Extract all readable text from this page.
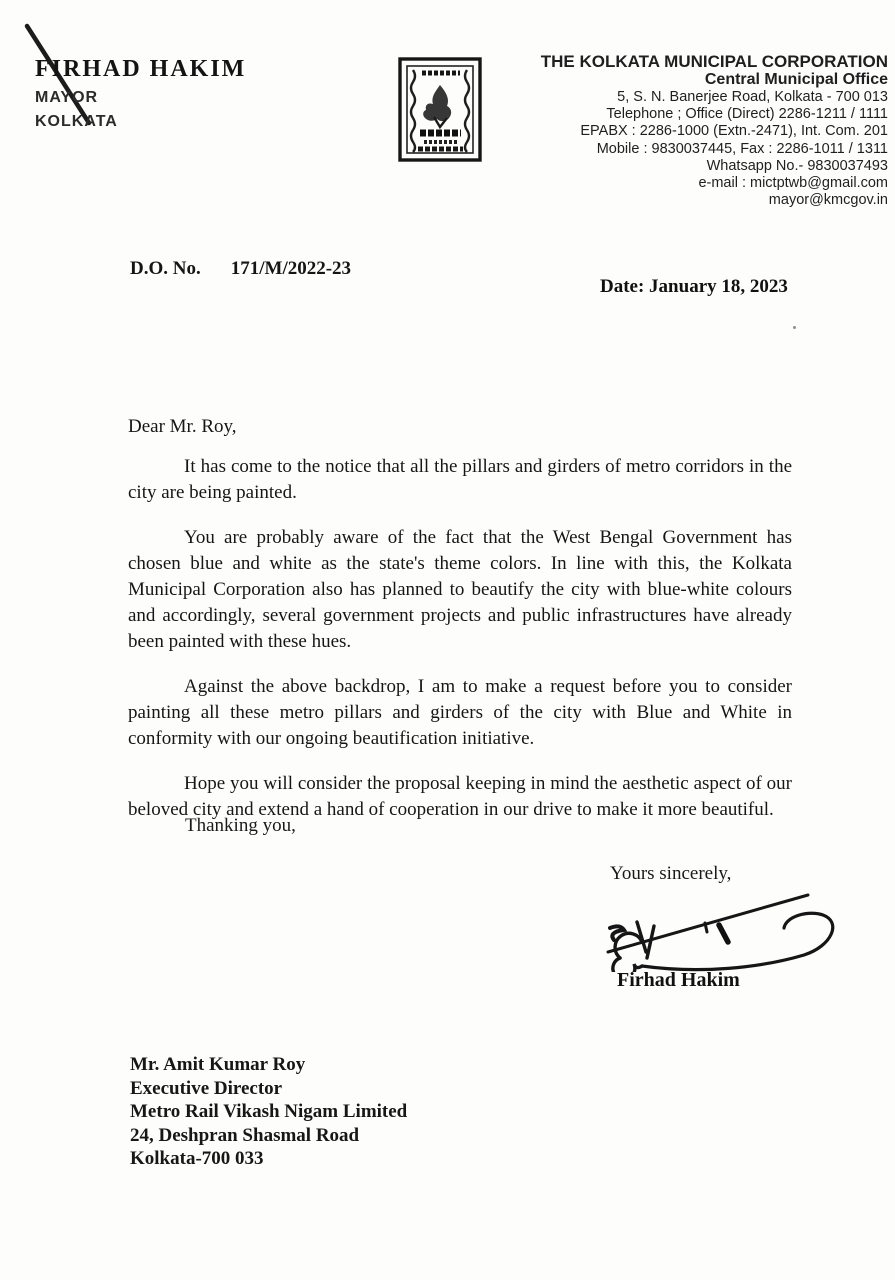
FIRHAD HAKIM
MAYOR
KOLKATA
THE KOLKATA MUNICIPAL CORPORATION
Central Municipal Office
5, S. N. Banerjee Road, Kolkata - 700 013
Telephone ; Office (Direct) 2286-1211 / 1111
EPABX : 2286-1000 (Extn.-2471), Int. Com. 201
Mobile : 9830037445, Fax : 2286-1011 / 1311
Whatsapp No.- 9830037493
e-mail : mictptwb@gmail.com
mayor@kmcgov.in
D.O. No. 171/M/2022-23
Date: January 18, 2023

Dear Mr. Roy,

It has come to the notice that all the pillars and girders of metro corridors in the city are being painted.

You are probably aware of the fact that the West Bengal Government has chosen blue and white as the state's theme colors. In line with this, the Kolkata Municipal Corporation also has planned to beautify the city with blue-white colours and accordingly, several government projects and public infrastructures have already been painted with these hues.

Against the above backdrop, I am to make a request before you to consider painting all these metro pillars and girders of the city with Blue and White in conformity with our ongoing beautification initiative.

Hope you will consider the proposal keeping in mind the aesthetic aspect of our beloved city and extend a hand of cooperation in our drive to make it more beautiful.

Thanking you,
Yours sincerely,
Firhad Hakim
Mr. Amit Kumar Roy
Executive Director
Metro Rail Vikash Nigam Limited
24, Deshpran Shasmal Road
Kolkata-700 033
